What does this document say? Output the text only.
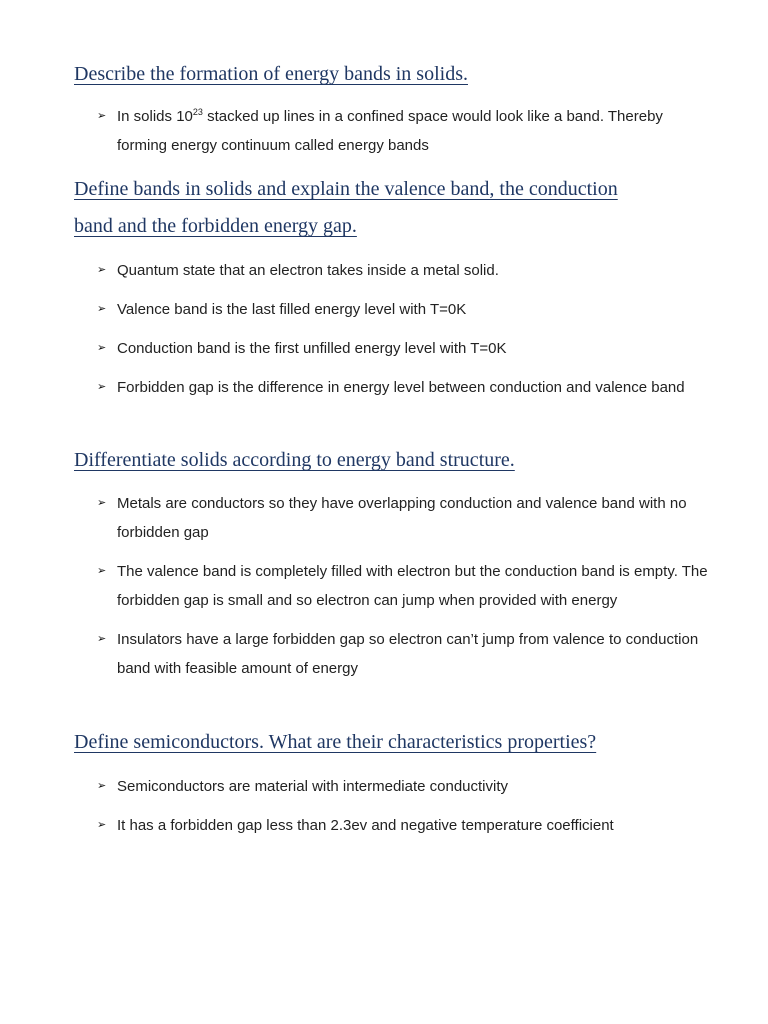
Describe the formation of energy bands in solids.
➢ In solids $10^{23}$ stacked up lines in a confined space would look like a band. Thereby forming energy continuum called energy bands
Define bands in solids and explain the valence band, the conduction
band and the forbidden energy gap.
➢ Quantum state that an electron takes inside a metal solid.
➢ Valence band is the last filled energy level with T=0K
➢ Conduction band is the first unfilled energy level with T=0K
➢ Forbidden gap is the difference in energy level between conduction and valence band
Differentiate solids according to energy band structure.
➢ Metals are conductors so they have overlapping conduction and valence band with no forbidden gap
➢ The valence band is completely filled with electron but the conduction band is empty. The forbidden gap is small and so electron can jump when provided with energy
➢ Insulators have a large forbidden gap so electron can’t jump from valence to conduction band with feasible amount of energy
Define semiconductors. What are their characteristics properties?
➢ Semiconductors are material with intermediate conductivity
➢ It has a forbidden gap less than 2.3ev and negative temperature coefficient
